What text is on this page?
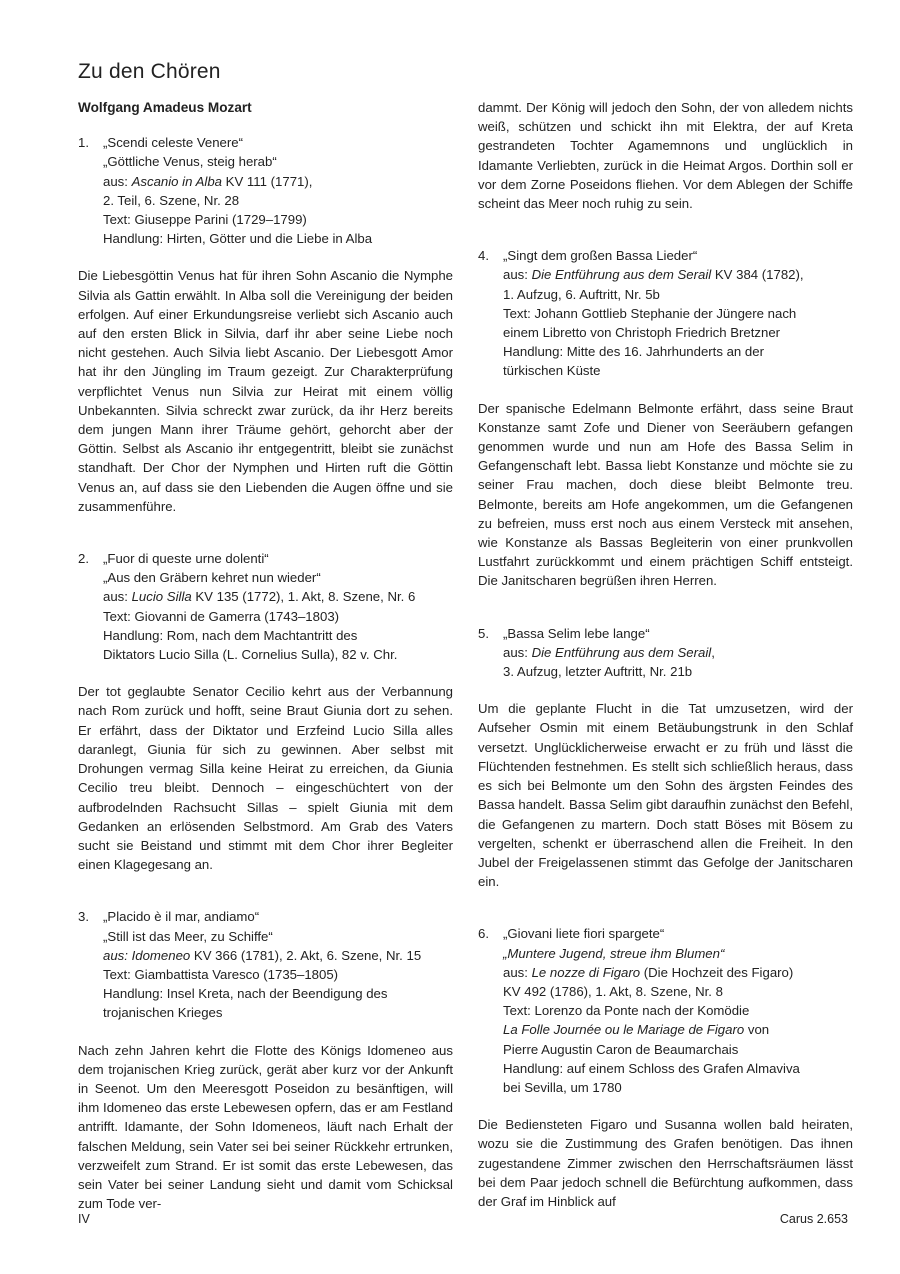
Zu den Chören
Wolfgang Amadeus Mozart
1.	„Scendi celeste Venere“
„Göttliche Venus, steig herab“
aus: Ascanio in Alba KV 111 (1771),
2. Teil, 6. Szene, Nr. 28
Text: Giuseppe Parini (1729–1799)
Handlung: Hirten, Götter und die Liebe in Alba

Die Liebesgöttin Venus hat für ihren Sohn Ascanio die Nymphe Silvia als Gattin erwählt. In Alba soll die Vereinigung der beiden erfolgen. Auf einer Erkundungsreise verliebt sich Ascanio auch auf den ersten Blick in Silvia, darf ihr aber seine Liebe noch nicht gestehen. Auch Silvia liebt Ascanio. Der Liebesgott Amor hat ihr den Jüngling im Traum gezeigt. Zur Charakterprüfung verpflichtet Venus nun Silvia zur Heirat mit einem völlig Unbekannten. Silvia schreckt zwar zurück, da ihr Herz bereits dem jungen Mann ihrer Träume gehört, gehorcht aber der Göttin. Selbst als Ascanio ihr entgegentritt, bleibt sie zunächst standhaft. Der Chor der Nymphen und Hirten ruft die Göttin Venus an, auf dass sie den Liebenden die Augen öffne und sie zusammenführe.

2.	„Fuor di queste urne dolenti“
„Aus den Gräbern kehret nun wieder“
aus: Lucio Silla KV 135 (1772), 1. Akt, 8. Szene, Nr. 6
Text: Giovanni de Gamerra (1743–1803)
Handlung: Rom, nach dem Machtantritt des
Diktators Lucio Silla (L. Cornelius Sulla), 82 v. Chr.

Der tot geglaubte Senator Cecilio kehrt aus der Verbannung nach Rom zurück und hofft, seine Braut Giunia dort zu sehen. Er erfährt, dass der Diktator und Erzfeind Lucio Silla alles daranlegt, Giunia für sich zu gewinnen. Aber selbst mit Drohungen vermag Silla keine Heirat zu erreichen, da Giunia Cecilio treu bleibt. Dennoch – eingeschüchtert von der aufbrodelnden Rachsucht Sillas – spielt Giunia mit dem Gedanken an erlösenden Selbstmord. Am Grab des Vaters sucht sie Beistand und stimmt mit dem Chor ihrer Begleiter einen Klagegesang an.

3.	„Placido è il mar, andiamo“
„Still ist das Meer, zu Schiffe“
aus: Idomeneo KV 366 (1781), 2. Akt, 6. Szene, Nr. 15
Text: Giambattista Varesco (1735–1805)
Handlung: Insel Kreta, nach der Beendigung des
trojanischen Krieges

Nach zehn Jahren kehrt die Flotte des Königs Idomeneo aus dem trojanischen Krieg zurück, gerät aber kurz vor der Ankunft in Seenot. Um den Meeresgott Poseidon zu besänftigen, will ihm Idomeneo das erste Lebewesen opfern, das er am Festland antrifft. Idamante, der Sohn Idomeneos, läuft nach Erhalt der falschen Meldung, sein Vater sei bei seiner Rückkehr ertrunken, verzweifelt zum Strand. Er ist somit das erste Lebewesen, das sein Vater bei seiner Landung sieht und damit vom Schicksal zum Tode ver-

dammt. Der König will jedoch den Sohn, der von alledem nichts weiß, schützen und schickt ihn mit Elektra, der auf Kreta gestrandeten Tochter Agamemnons und unglücklich in Idamante Verliebten, zurück in die Heimat Argos. Dorthin soll er vor dem Zorne Poseidons fliehen. Vor dem Ablegen der Schiffe scheint das Meer noch ruhig zu sein.

4.	„Singt dem großen Bassa Lieder“
aus: Die Entführung aus dem Serail KV 384 (1782),
1. Aufzug, 6. Auftritt, Nr. 5b
Text: Johann Gottlieb Stephanie der Jüngere nach
einem Libretto von Christoph Friedrich Bretzner
Handlung: Mitte des 16. Jahrhunderts an der
türkischen Küste

Der spanische Edelmann Belmonte erfährt, dass seine Braut Konstanze samt Zofe und Diener von Seeräubern gefangen genommen wurde und nun am Hofe des Bassa Selim in Gefangenschaft lebt. Bassa liebt Konstanze und möchte sie zu seiner Frau machen, doch diese bleibt Belmonte treu. Belmonte, bereits am Hofe angekommen, um die Gefangenen zu befreien, muss erst noch aus einem Versteck mit ansehen, wie Konstanze als Bassas Begleiterin von einer prunkvollen Lustfahrt zurückkommt und einem prächtigen Schiff entsteigt. Die Janitscharen begrüßen ihren Herren.

5.	„Bassa Selim lebe lange“
aus: Die Entführung aus dem Serail,
3. Aufzug, letzter Auftritt, Nr. 21b

Um die geplante Flucht in die Tat umzusetzen, wird der Aufseher Osmin mit einem Betäubungstrunk in den Schlaf versetzt. Unglücklicherweise erwacht er zu früh und lässt die Flüchtenden festnehmen. Es stellt sich schließlich heraus, dass es sich bei Belmonte um den Sohn des ärgsten Feindes des Bassa handelt. Bassa Selim gibt daraufhin zunächst den Befehl, die Gefangenen zu martern. Doch statt Böses mit Bösem zu vergelten, schenkt er überraschend allen die Freiheit. In den Jubel der Freigelassenen stimmt das Gefolge der Janitscharen ein.

6.	„Giovani liete fiori spargete“
„Muntere Jugend, streue ihm Blumen“
aus: Le nozze di Figaro (Die Hochzeit des Figaro)
KV 492 (1786), 1. Akt, 8. Szene, Nr. 8
Text: Lorenzo da Ponte nach der Komödie
La Folle Journée ou le Mariage de Figaro von
Pierre Augustin Caron de Beaumarchais
Handlung: auf einem Schloss des Grafen Almaviva
bei Sevilla, um 1780

Die Bediensteten Figaro und Susanna wollen bald heiraten, wozu sie die Zustimmung des Grafen benötigen. Das ihnen zugestandene Zimmer zwischen den Herrschaftsräumen lässt bei dem Paar jedoch schnell die Befürchtung aufkommen, dass der Graf im Hinblick auf

IV	Carus 2.653
